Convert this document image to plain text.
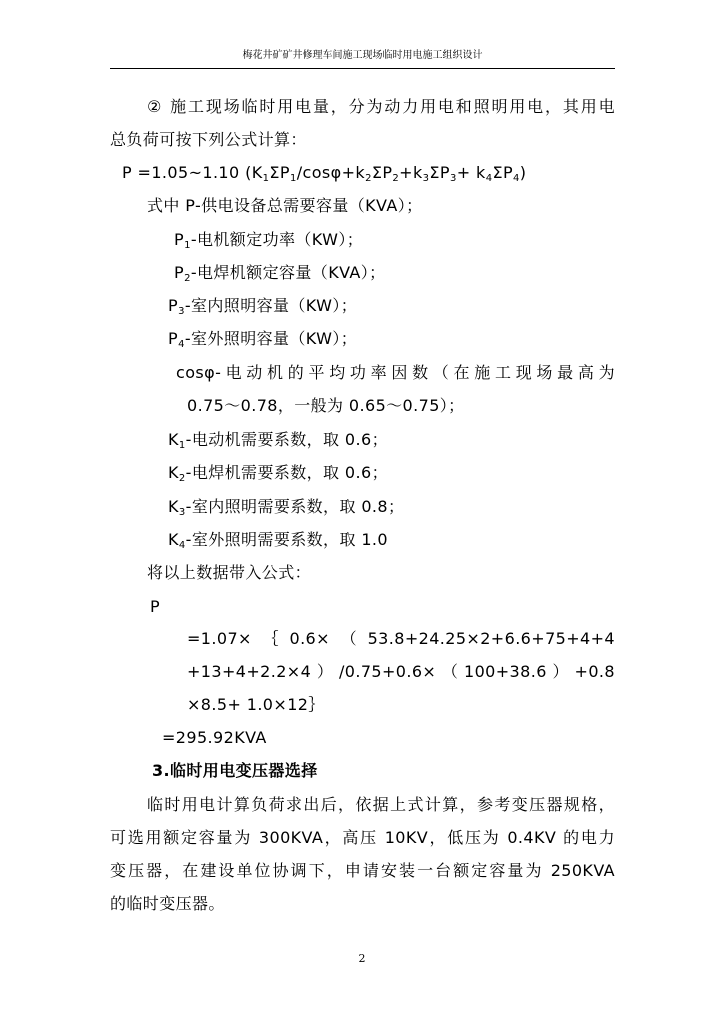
梅花井矿矿井修理车间施工现场临时用电施工组织设计
② 施工现场临时用电量，分为动力用电和照明用电，其用电
总负荷可按下列公式计算：
P =1.05~1.10 $(K_1\Sigma P_1/\cos\varphi+k_2\Sigma P_2+k_3\Sigma P_3+ k_4\Sigma P_4)$
式中 P-供电设备总需要容量（KVA）；
$P_1-$电机额定功率（KW）；
$P_2-$电焊机额定容量（KVA）；
$P_3-$室内照明容量（KW）；
$P_4-$室外照明容量（KW）；
cosφ-电动机的平均功率因数（在施工现场最高为
0.75～0.78，一般为 0.65～0.75）；
$K_1-$电动机需要系数，取 0.6；
$K_2-$电焊机需要系数，取 0.6；
$K_3-$室内照明需要系数，取 0.8；
$K_4-$室外照明需要系数，取 1.0
将以上数据带入公式：
P
=1.07×｛0.6×（53.8+24.25×2+6.6+75+4+4
+13+4+2.2×4）/0.75+0.6×（100+38.6）+0.8
×8.5+ 1.0×12｝
=295.92KVA
3.临时用电变压器选择
临时用电计算负荷求出后，依据上式计算，参考变压器规格，
可选用额定容量为 300KVA，高压 10KV，低压为 0.4KV 的电力
变压器，在建设单位协调下，申请安装一台额定容量为 250KVA
的临时变压器。
2
